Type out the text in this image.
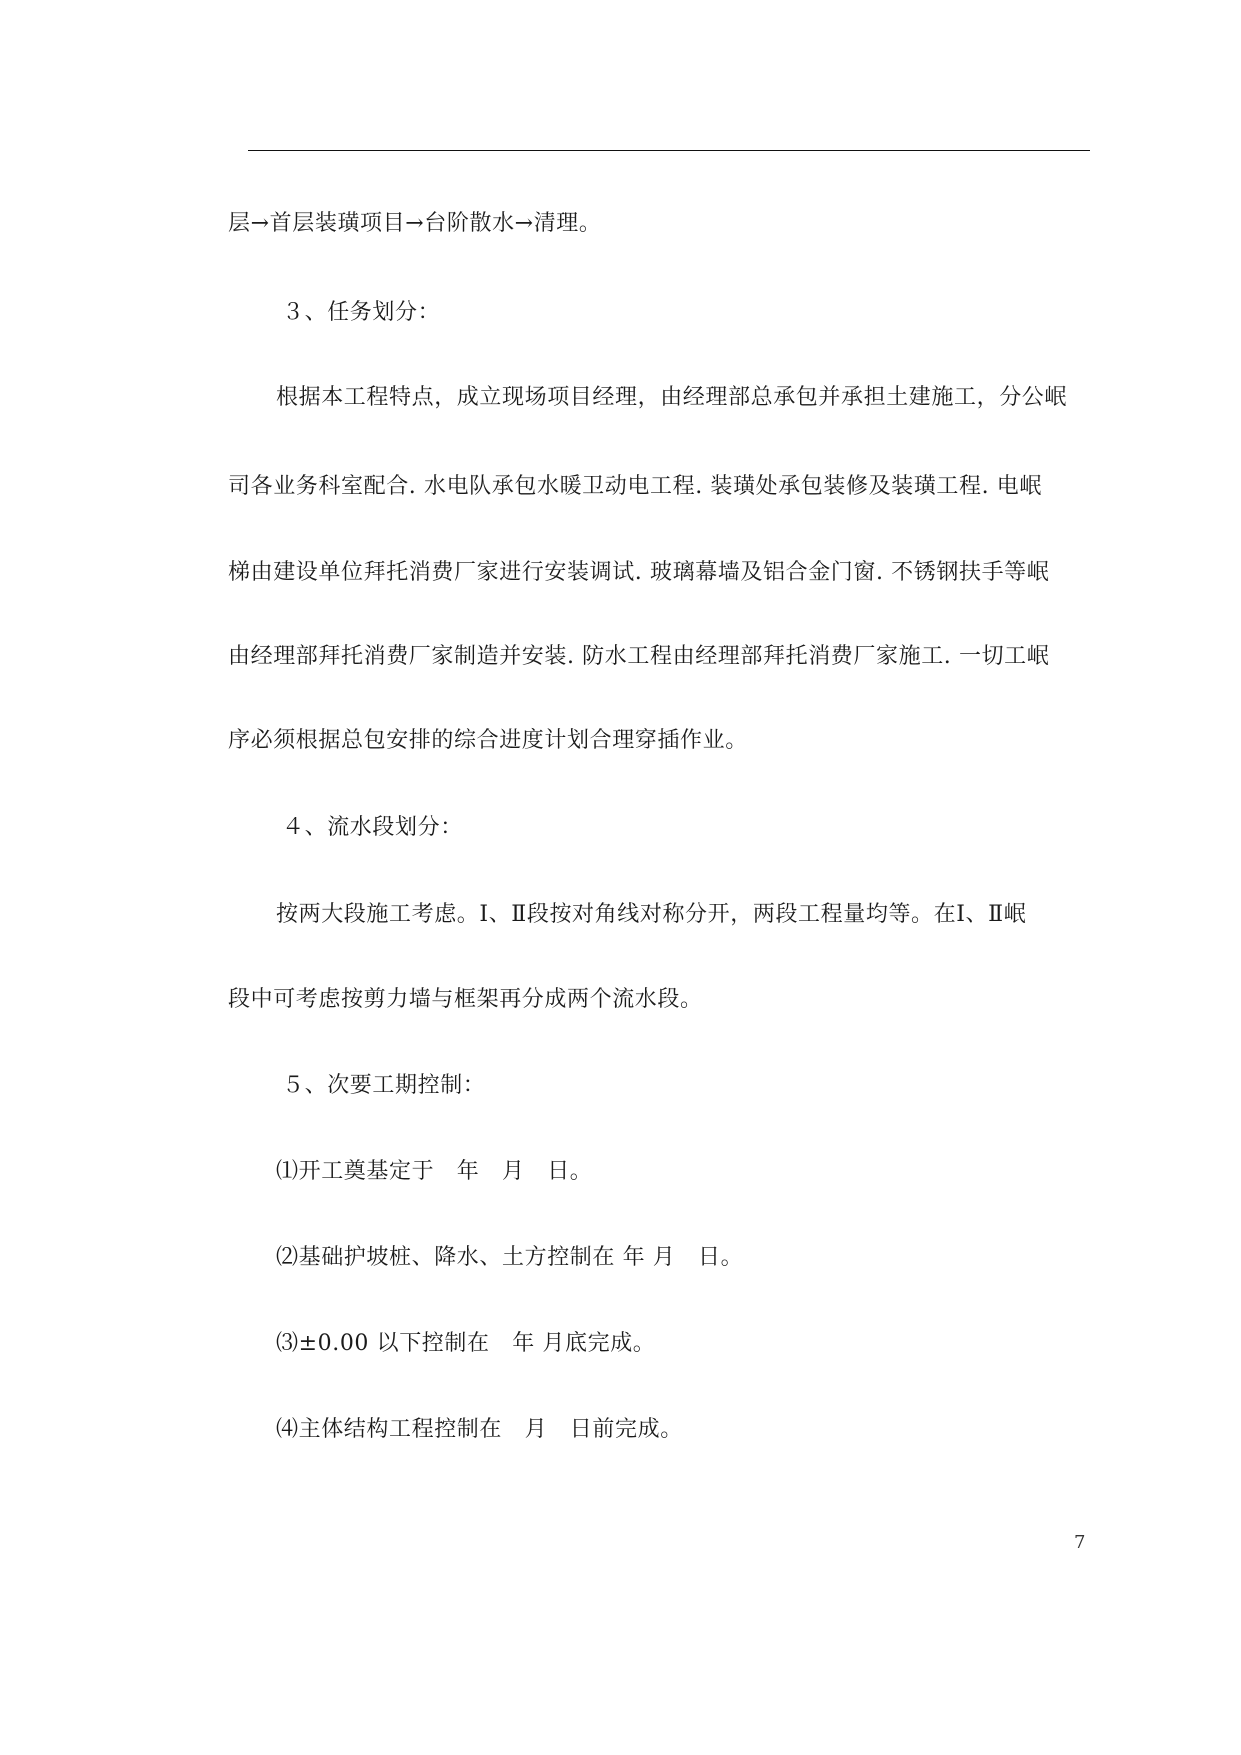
层→首层装璜项目→台阶散水→清理。
３、任务划分：
根据本工程特点，成立现场项目经理，由经理部总承包并承担土建施工，分公岷
司各业务科室配合. 水电队承包水暖卫动电工程. 装璜处承包装修及装璜工程. 电岷
梯由建设单位拜托消费厂家进行安装调试. 玻璃幕墙及铝合金门窗. 不锈钢扶手等岷
由经理部拜托消费厂家制造并安装. 防水工程由经理部拜托消费厂家施工. 一切工岷
序必须根据总包安排的综合进度计划合理穿插作业。
４、流水段划分：
按两大段施工考虑。Ⅰ、Ⅱ段按对角线对称分开，两段工程量均等。在Ⅰ、Ⅱ岷
段中可考虑按剪力墙与框架再分成两个流水段。
５、次要工期控制：
⑴开工奠基定于　年　月　日。
⑵基础护坡桩、降水、土方控制在 年 月　日。
⑶±0.00 以下控制在　年 月底完成。
⑷主体结构工程控制在　月　日前完成。
7
